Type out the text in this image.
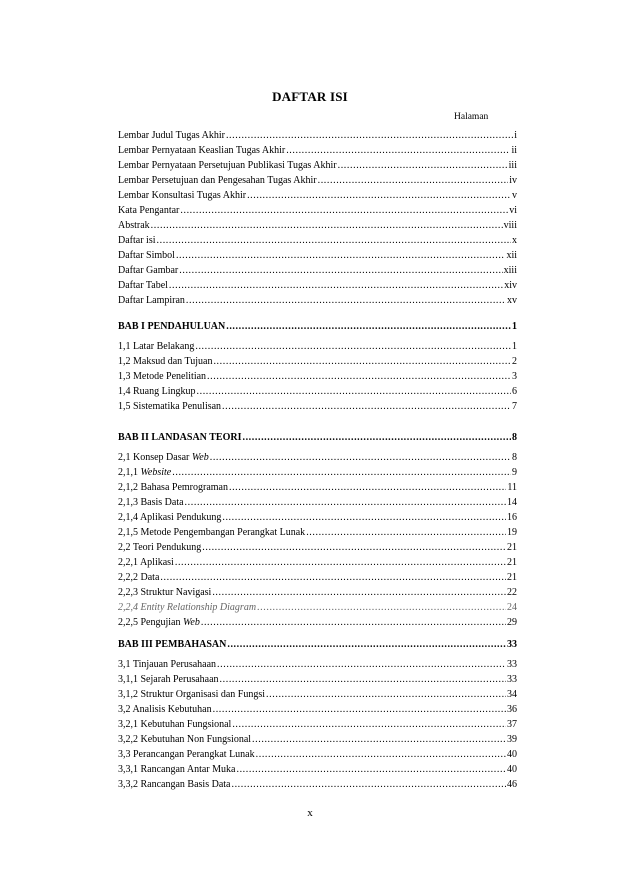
DAFTAR ISI
Halaman
Lembar Judul Tugas Akhir .....	i
Lembar Pernyataan Keaslian Tugas Akhir .....	ii
Lembar Pernyataan Persetujuan Publikasi Tugas Akhir .....	iii
Lembar Persetujuan dan Pengesahan Tugas Akhir .....	iv
Lembar Konsultasi Tugas Akhir .....	v
Kata Pengantar .....	vi
Abstrak .....	viii
Daftar isi .....	x
Daftar Simbol .....	xii
Daftar Gambar .....	xiii
Daftar Tabel .....	xiv
Daftar Lampiran .....	xv
BAB I PENDAHULUAN .....	1
1,1 Latar Belakang .....	1
1,2 Maksud dan Tujuan .....	2
1,3 Metode Penelitian .....	3
1,4 Ruang Lingkup .....	6
1,5 Sistematika Penulisan .....	7
BAB II LANDASAN TEORI .....	8
2,1 Konsep Dasar Web .....	8
2,1,1 Website .....	9
2,1,2 Bahasa Pemrograman .....	11
2,1,3 Basis Data .....	14
2,1,4 Aplikasi Pendukung .....	16
2,1,5 Metode Pengembangan Perangkat Lunak .....	19
2,2 Teori Pendukung .....	21
2,2,1 Aplikasi .....	21
2,2,2 Data .....	21
2,2,3 Struktur Navigasi .....	22
2,2,4 Entity Relationship Diagram .....	24
2,2,5 Pengujian Web .....	29
BAB III PEMBAHASAN .....	33
3,1 Tinjauan Perusahaan .....	33
3,1,1 Sejarah Perusahaan .....	33
3,1,2 Struktur Organisasi dan Fungsi .....	34
3,2 Analisis Kebutuhan .....	36
3,2,1 Kebutuhan Fungsional .....	37
3,2,2 Kebutuhan Non Fungsional .....	39
3,3 Perancangan Perangkat Lunak .....	40
3,3,1 Rancangan Antar Muka .....	40
3,3,2 Rancangan Basis Data .....	46
x
